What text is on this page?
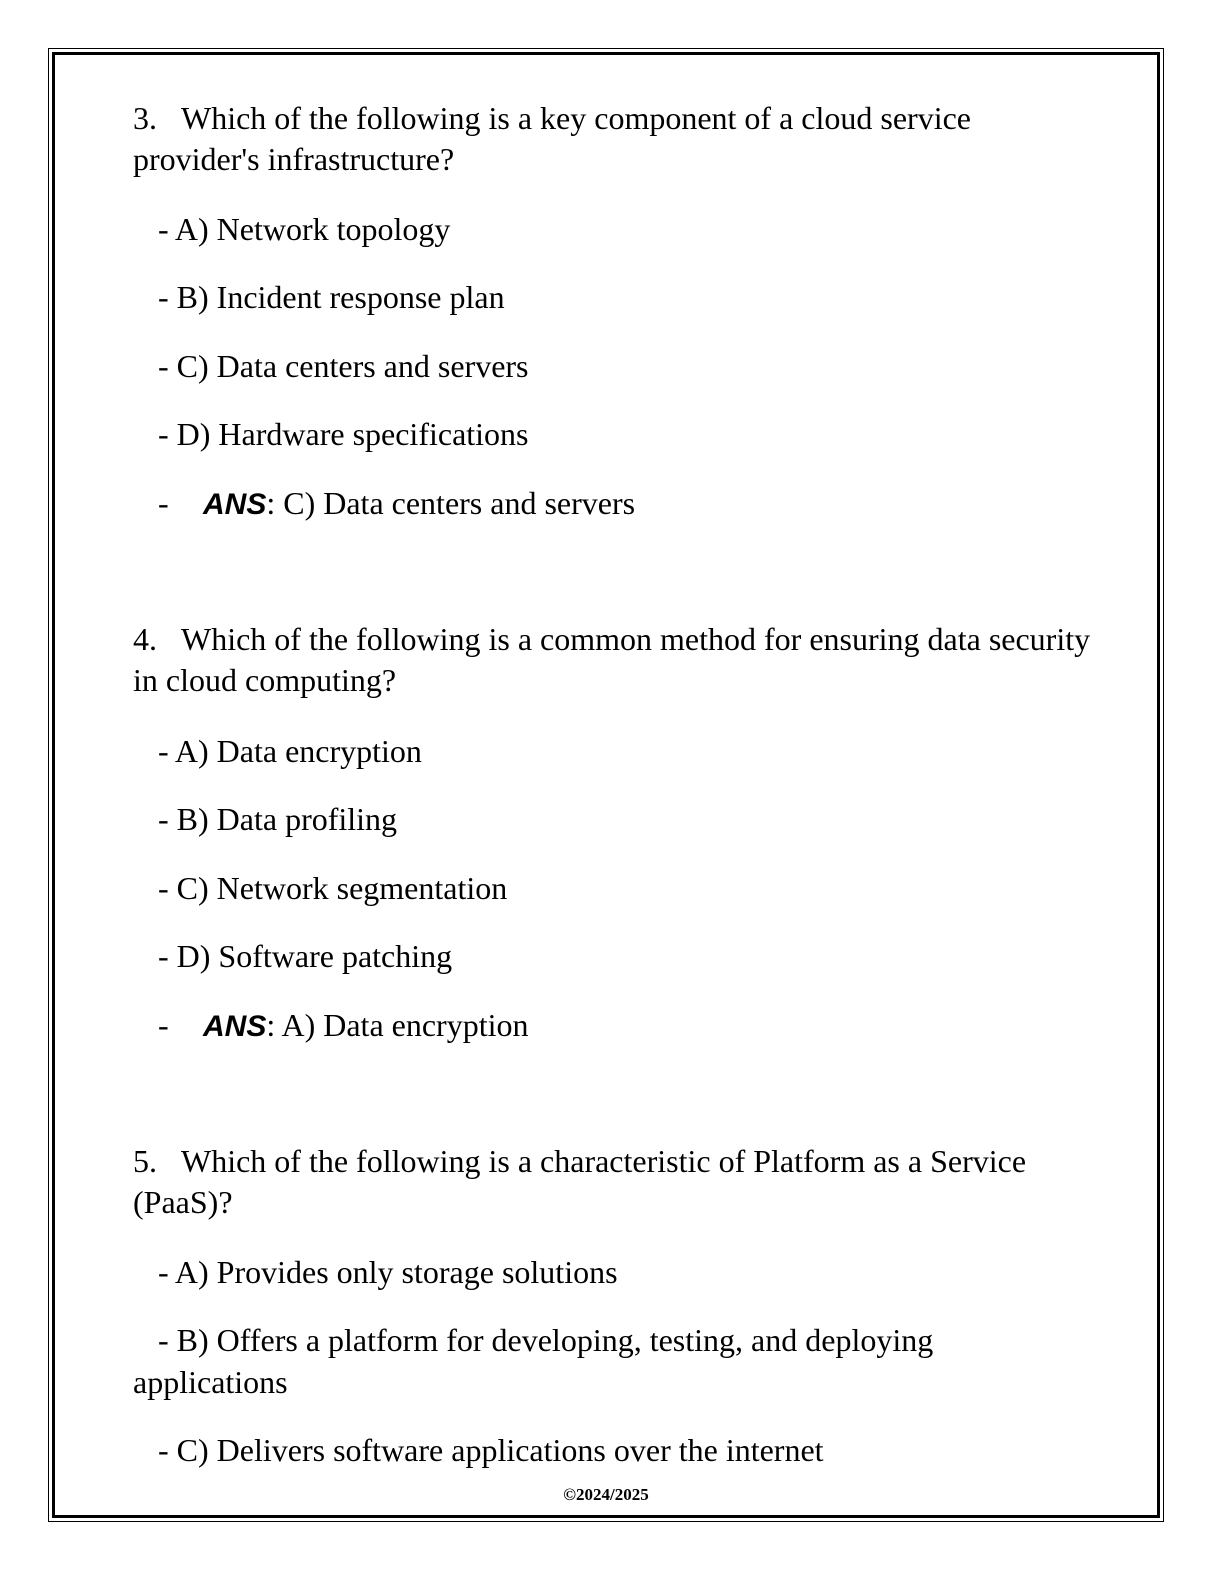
3. Which of the following is a key component of a cloud service provider's infrastructure?
- A) Network topology
- B) Incident response plan
- C) Data centers and servers
- D) Hardware specifications
- ANS: C) Data centers and servers
4. Which of the following is a common method for ensuring data security in cloud computing?
- A) Data encryption
- B) Data profiling
- C) Network segmentation
- D) Software patching
- ANS: A) Data encryption
5. Which of the following is a characteristic of Platform as a Service (PaaS)?
- A) Provides only storage solutions
- B) Offers a platform for developing, testing, and deploying applications
- C) Delivers software applications over the internet
©2024/2025
